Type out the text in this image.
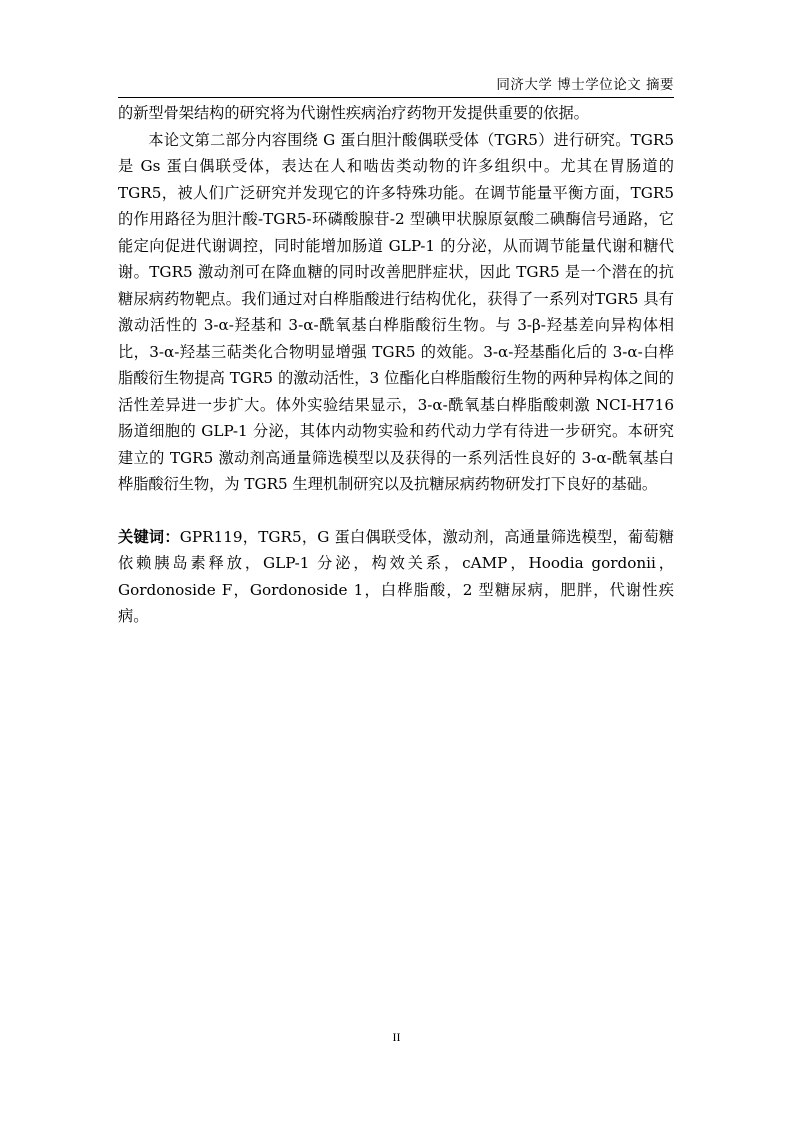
同济大学 博士学位论文 摘要

的新型骨架结构的研究将为代谢性疾病治疗药物开发提供重要的依据。

本论文第二部分内容围绕 G 蛋白胆汁酸偶联受体（TGR5）进行研究。TGR5 是 Gs 蛋白偶联受体，表达在人和啮齿类动物的许多组织中。尤其在胃肠道的 TGR5，被人们广泛研究并发现它的许多特殊功能。在调节能量平衡方面，TGR5 的作用路径为胆汁酸-TGR5-环磷酸腺苷-2 型碘甲状腺原氨酸二碘酶信号通路，它能定向促进代谢调控，同时能增加肠道 GLP-1 的分泌，从而调节能量代谢和糖代谢。TGR5 激动剂可在降血糖的同时改善肥胖症状，因此 TGR5 是一个潜在的抗糖尿病药物靶点。我们通过对白桦脂酸进行结构优化，获得了一系列对TGR5 具有激动活性的 3-α-羟基和 3-α-酰氧基白桦脂酸衍生物。与 3-β-羟基差向异构体相比，3-α-羟基三萜类化合物明显增强 TGR5 的效能。3-α-羟基酯化后的 3-α-白桦脂酸衍生物提高 TGR5 的激动活性，3 位酯化白桦脂酸衍生物的两种异构体之间的活性差异进一步扩大。体外实验结果显示，3-α-酰氧基白桦脂酸刺激 NCI-H716 肠道细胞的 GLP-1 分泌，其体内动物实验和药代动力学有待进一步研究。本研究建立的 TGR5 激动剂高通量筛选模型以及获得的一系列活性良好的 3-α-酰氧基白桦脂酸衍生物，为 TGR5 生理机制研究以及抗糖尿病药物研发打下良好的基础。

关键词：GPR119，TGR5，G 蛋白偶联受体，激动剂，高通量筛选模型，葡萄糖依赖胰岛素释放，GLP-1 分泌，构效关系，cAMP，Hoodia gordonii，Gordonoside F，Gordonoside 1，白桦脂酸，2 型糖尿病，肥胖，代谢性疾病。

II
